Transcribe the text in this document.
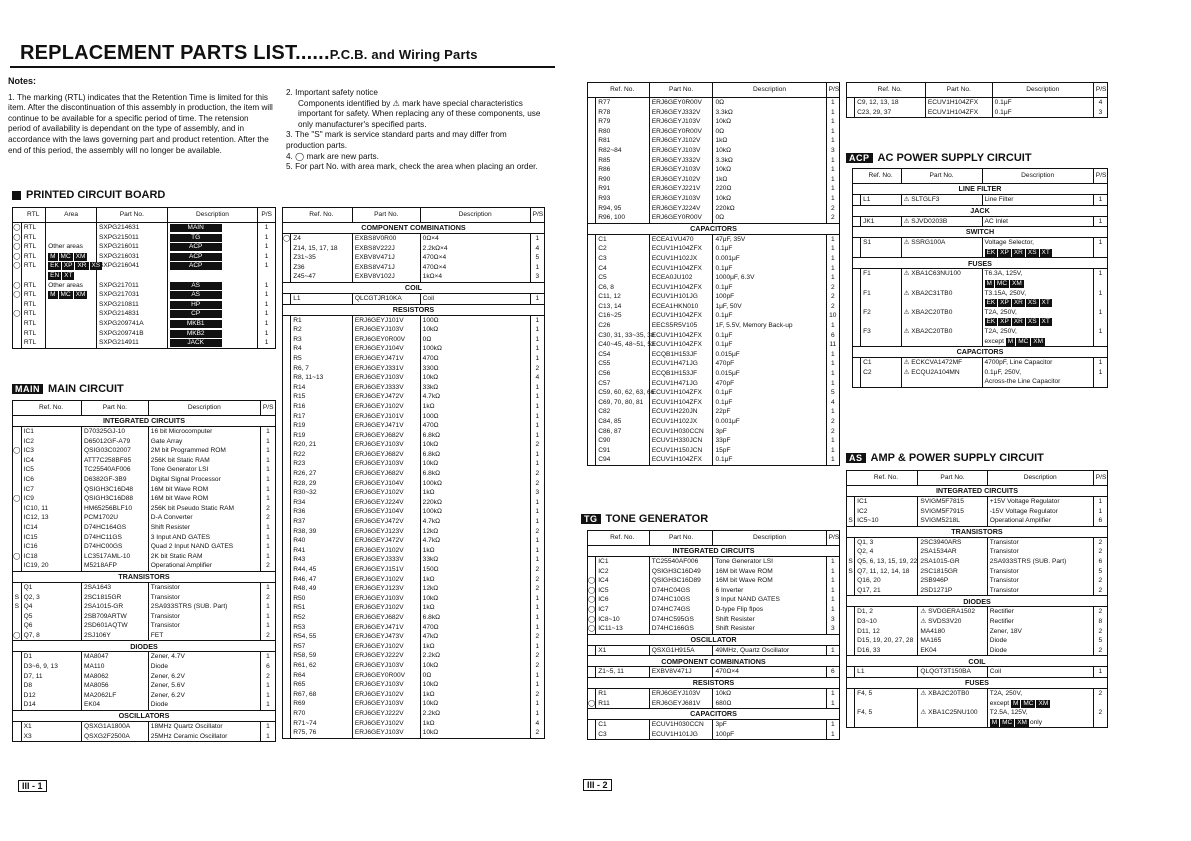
REPLACEMENT PARTS LIST......P.C.B. and Wiring Parts
Notes:
1. The marking (RTL) indicates that the Retention Time is limited for this item. After the discontinuation of this assembly in production, the item will continue to be available for a specific period of time. The retension period of availability is dependant on the type of assembly, and in accordance with the laws governing part and product retention. After the end of this period, the assembly will no longer be available.
2. Important safety notice
Components identified by ⚠ mark have special characteristics important for safety. When replacing any of these components, use only manufacturer's specified parts.
3. The "S" mark is service standard parts and may differ from production parts.
4. ◯ mark are new parts.
5. For part No. with area mark, check the area when placing an order.
PRINTED CIRCUIT BOARD
	RTL	Area	Part No.	Description	P/S
◯	RTL		SXPG214631	MAIN	1
◯	RTL		SXPG215011	TG	1
◯	RTL	Other areas	SXPG216011	ACP	1
◯	RTL	M MC XM	SXPG216031	ACP	1
◯	RTL	EK XP XR XS	SXPG216041	ACP	1
		EN XT			
◯	RTL	Other areas	SXPG217011	AS	1
◯	RTL	M MC XM	SXPG217031	AS	1
	RTL		SXPG210811	HP	1
◯	RTL		SXPG214831	CP	1
	RTL		SXPG209741A	MKB1	1
	RTL		SXPG209741B	MKB2	1
	RTL		SXPG214911	JACK	1
MAIN MAIN CIRCUIT
	Ref. No.	Part No.	Description	P/S
INTEGRATED CIRCUITS				
	IC1	D70325GJ-10	16 bit Microcomputer	1
	IC2	D65012GF-A79	Gate Array	1
◯	IC3	QSIG03C02007	2M bit Programmed ROM	1
	IC4	ATT7C258BF85	256K bit Static RAM	1
	IC5	TC25540AF006	Tone Generator LSI	1
	IC6	D6382GF-3B9	Digital Signal Processor	1
	IC7	QSIGH3C16D48	16M bit Wave ROM	1
◯	IC9	QSIGH3C16D88	16M bit Wave ROM	1
	IC10, 11	HM65256BLF10	256K bit Pseudo Static RAM	2
	IC12, 13	PCM1702U	D-A Converter	2
	IC14	D74HC164GS	Shift Resister	1
	IC15	D74HC11GS	3 Input AND GATES	1
	IC16	D74HC00GS	Quad 2 Input NAND GATES	1
◯	IC18	LC3517AML-10	2K bit Static RAM	1
	IC19, 20	M5218AFP	Operational Amplifier	2
TRANSISTORS				
	Q1	2SA1643	Transistor	1
S	Q2, 3	2SC1815GR	Transistor	2
S	Q4	2SA1015-GR	2SA933STRS (SUB. Part)	1
	Q5	2SB709ARTW	Transistor	1
	Q6	2SD601AQTW	Transistor	1
◯	Q7, 8	2SJ106Y	FET	2
DIODES				
	D1	MA8047	Zener, 4.7V	1
	D3~6, 9, 13	MA110	Diode	6
	D7, 11	MA8062	Zener, 6.2V	2
	D8	MA8056	Zener, 5.6V	1
	D12	MA2062LF	Zener, 6.2V	1
	D14	EK04	Diode	1
OSCILLATORS				
	X1	QSXG1A1800A	18MHz Quartz Oscillator	1
	X3	QSXG2F2500A	25MHz Ceramic Oscillator	1
	Ref. No.	Part No.	Description	P/S
COMPONENT COMBINATIONS				
◯	Z4	EXBS8V0R00	0Ω×4	1
	Z14, 15, 17, 18	EXBS8V222J	2.2kΩ×4	4
	Z31~35	EXBV8V471J	470Ω×4	5
	Z36	EXBS8V471J	470Ω×4	1
	Z45~47	EXBV8V102J	1kΩ×4	3
COIL				
	L1	QLCGTJR10KA	Coil	1
RESISTORS				
	R1	ERJ6GEYJ101V	100Ω	1
	R2	ERJ6GEYJ103V	10kΩ	1
	R3	ERJ6GEY0R00V	0Ω	1
	R4	ERJ6GEYJ104V	100kΩ	1
	R5	ERJ6GEYJ471V	470Ω	1
	R6, 7	ERJ6GEYJ331V	330Ω	2
	R8, 11~13	ERJ6GEYJ103V	10kΩ	4
	R14	ERJ6GEYJ333V	33kΩ	1
	R15	ERJ6GEYJ472V	4.7kΩ	1
	R16	ERJ6GEYJ102V	1kΩ	1
	R17	ERJ6GEYJ101V	100Ω	1
	R19	ERJ6GEYJ471V	470Ω	1
	R19	ERJ6GEYJ682V	6.8kΩ	1
	R20, 21	ERJ6GEYJ103V	10kΩ	2
	R22	ERJ6GEYJ682V	6.8kΩ	1
	R23	ERJ6GEYJ103V	10kΩ	1
	R26, 27	ERJ6GEYJ682V	6.8kΩ	2
	R28, 29	ERJ6GEYJ104V	100kΩ	2
	R30~32	ERJ6GEYJ102V	1kΩ	3
	R34	ERJ6GEYJ224V	220kΩ	1
	R36	ERJ6GEYJ104V	100kΩ	1
	R37	ERJ6GEYJ472V	4.7kΩ	1
	R38, 39	ERJ6GEYJ123V	12kΩ	2
	R40	ERJ6GEYJ472V	4.7kΩ	1
	R41	ERJ6GEYJ102V	1kΩ	1
	R43	ERJ6GEYJ333V	33kΩ	1
	R44, 45	ERJ6GEYJ151V	150Ω	2
	R46, 47	ERJ6GEYJ102V	1kΩ	2
	R48, 49	ERJ6GEYJ123V	12kΩ	2
	R50	ERJ6GEYJ103V	10kΩ	1
	R51	ERJ6GEYJ102V	1kΩ	1
	R52	ERJ6GEYJ682V	6.8kΩ	1
	R53	ERJ6GEYJ471V	470Ω	1
	R54, 55	ERJ6GEYJ473V	47kΩ	2
	R57	ERJ6GEYJ102V	1kΩ	1
	R58, 59	ERJ6GEYJ222V	2.2kΩ	2
	R61, 62	ERJ6GEYJ103V	10kΩ	2
	R64	ERJ6GEY0R00V	0Ω	1
	R65	ERJ6GEYJ103V	10kΩ	1
	R67, 68	ERJ6GEYJ102V	1kΩ	2
	R69	ERJ6GEYJ103V	10kΩ	1
	R70	ERJ6GEYJ222V	2.2kΩ	1
	R71~74	ERJ6GEYJ102V	1kΩ	4
	R75, 76	ERJ6GEYJ103V	10kΩ	2
III - 1
	Ref. No.	Part No.	Description	P/S
	R77	ERJ6GEY0R00V	0Ω	1
	R78	ERJ6GEYJ332V	3.3kΩ	1
	R79	ERJ6GEYJ103V	10kΩ	1
	R80	ERJ6GEY0R00V	0Ω	1
	R81	ERJ6GEYJ102V	1kΩ	1
	R82~84	ERJ6GEYJ103V	10kΩ	3
	R85	ERJ6GEYJ332V	3.3kΩ	1
	R86	ERJ6GEYJ103V	10kΩ	1
	R90	ERJ6GEYJ102V	1kΩ	1
	R91	ERJ6GEYJ221V	220Ω	1
	R93	ERJ6GEYJ103V	10kΩ	1
	R94, 95	ERJ6GEYJ224V	220kΩ	2
	R96, 100	ERJ6GEY0R00V	0Ω	2
CAPACITORS				
	C1	ECEA1VU470	47μF, 35V	1
	C2	ECUV1H104ZFX	0.1μF	1
	C3	ECUV1H102JX	0.001μF	1
	C4	ECUV1H104ZFX	0.1μF	1
	C5	ECEA0JU102	1000μF, 6.3V	1
	C6, 8	ECUV1H104ZFX	0.1μF	2
	C11, 12	ECUV1H101JG	100pF	2
	C13, 14	ECEA1HKN010	1μF, 50V	2
	C16~25	ECUV1H104ZFX	0.1μF	10
	C26	EECS5R5V105	1F, 5.5V, Memory Back-up	1
	C30, 31, 33~35, 38	ECUV1H104ZFX	0.1μF	6
	C40~45, 48~51, 53	ECUV1H104ZFX	0.1μF	11
	C54	ECQB1H153JF	0.015μF	1
	C55	ECUV1H471JG	470pF	1
	C56	ECQB1H153JF	0.015μF	1
	C57	ECUV1H471JG	470pF	1
	C59, 60, 62, 63, 66	ECUV1H104ZFX	0.1μF	5
	C69, 70, 80, 81	ECUV1H104ZFX	0.1μF	4
	C82	ECUV1H220JN	22pF	1
	C84, 85	ECUV1H102JX	0.001μF	2
	C86, 87	ECUV1H030CCN	3pF	2
	C90	ECUV1H330JCN	33pF	1
	C91	ECUV1H150JCN	15pF	1
	C94	ECUV1H104ZFX	0.1μF	1
TG TONE GENERATOR
	Ref. No.	Part No.	Description	P/S
INTEGRATED CIRCUITS				
	IC1	TC25540AF006	Tone Generator LSI	1
	IC2	QSIGH3C16D49	16M bit Wave ROM	1
◯	IC4	QSIGH3C16D89	16M bit Wave ROM	1
◯	IC5	D74HC04GS	6 Inverter	1
◯	IC6	D74HC10GS	3 Input NAND GATES	1
◯	IC7	D74HC74GS	D-type Flip flpos	1
◯	IC8~10	D74HC595GS	Shift Resister	3
◯	IC11~13	D74HC166GS	Shift Resister	3
OSCILLATOR				
	X1	QSXG1H915A	49MHz, Quartz Oscillator	1
COMPONENT COMBINATIONS				
	Z1~5, 11	EXBV8V471J	470Ω×4	6
RESISTORS				
	R1	ERJ6GEYJ103V	10kΩ	1
◯	R11	ERJ6GEYJ681V	680Ω	1
CAPACITORS				
	C1	ECUV1H030CCN	3pF	1
	C3	ECUV1H101JG	100pF	1
	Ref. No.	Part No.	Description	P/S
	C9, 12, 13, 18	ECUV1H104ZFX	0.1μF	4
	C23, 29, 37	ECUV1H104ZFX	0.1μF	3
ACP AC POWER SUPPLY CIRCUIT
	Ref. No.	Part No.	Description	P/S
LINE FILTER				
	L1	⚠ SLTGLF3	Line Filter	1
JACK				
	JK1	⚠ SJVD0203B	AC Inlet	1
SWITCH				
	S1	⚠ SSRG100A	Voltage Selector,	1
			EK XP XR XS XT	
FUSES				
	F1	⚠ XBA1C63NU100	T6.3A, 125V,	1
			M MC XM	
	F1	⚠ XBA2C31TB0	T3.15A, 250V,	1
			EK XP XR XS XT	
	F2	⚠ XBA2C20TB0	T2A, 250V,	1
			EK XP XR XS XT	
	F3	⚠ XBA2C20TB0	T2A, 250V,	1
			except M MC XM	
CAPACITORS				
	C1	⚠ ECKCVA1472MF	4700pF, Line Capacitor	1
	C2	⚠ ECQU2A104MN	0.1μF, 250V,	1
			Across-the Line Capacitor	
AS AMP & POWER SUPPLY CIRCUIT
	Ref. No.	Part No.	Description	P/S
INTEGRATED CIRCUITS				
	IC1	SVIGM5F7815	+15V Voltage Regulator	1
	IC2	SVIGM5F7915	-15V Voltage Regulator	1
S	IC5~10	SVIGM5218L	Operational Amplifier	6
TRANSISTORS				
	Q1, 3	2SC3940ARS	Transistor	2
	Q2, 4	2SA1534AR	Transistor	2
S	Q5, 6, 13, 15, 19, 22	2SA1015-GR	2SA933STRS (SUB. Part)	6
S	Q7, 11, 12, 14, 18	2SC1815GR	Transistor	5
	Q16, 20	2SB946P	Transistor	2
	Q17, 21	2SD1271P	Transistor	2
DIODES				
	D1, 2	⚠ SVDGERA1502	Rectifier	2
	D3~10	⚠ SVDS3V20	Rectifier	8
	D11, 12	MA4180	Zener, 18V	2
	D15, 19, 20, 27, 28	MA165	Diode	5
	D16, 33	EK04	Diode	2
COIL				
	L1	QLQGT3T150BA	Coil	1
FUSES				
	F4, 5	⚠ XBA2C20TB0	T2A, 250V,	2
			except M MC XM	
	F4, 5	⚠ XBA1C25NU100	T2.5A, 125V,	2
			M MC XM only	
III - 2
